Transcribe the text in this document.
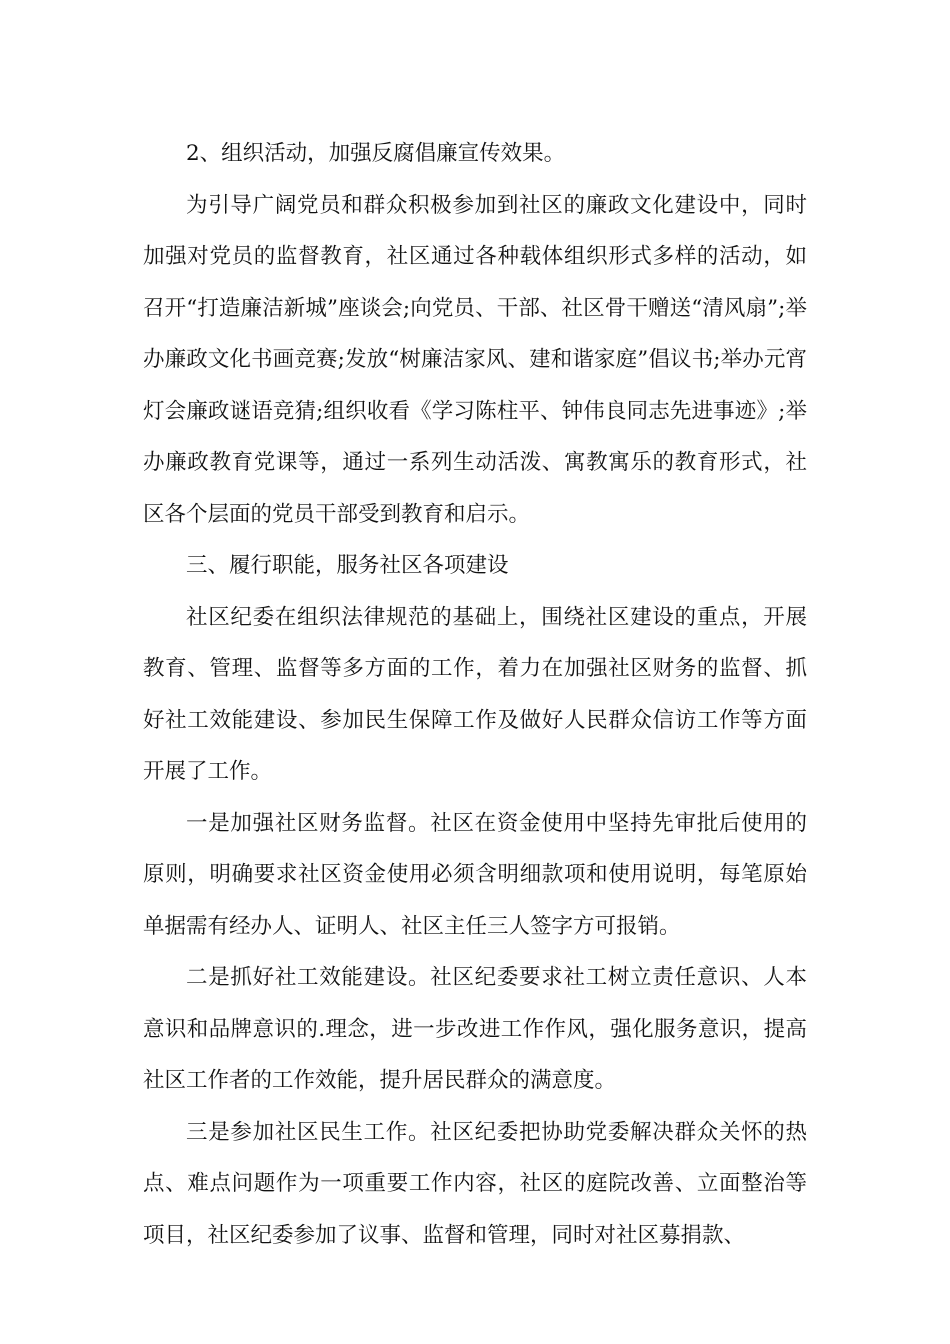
2、组织活动，加强反腐倡廉宣传效果。

为引导广阔党员和群众积极参加到社区的廉政文化建设中，同时加强对党员的监督教育，社区通过各种载体组织形式多样的活动，如召开“打造廉洁新城”座谈会;向党员、干部、社区骨干赠送“清风扇”;举办廉政文化书画竞赛;发放“树廉洁家风、建和谐家庭”倡议书;举办元宵灯会廉政谜语竞猜;组织收看《学习陈柱平、钟伟良同志先进事迹》;举办廉政教育党课等，通过一系列生动活泼、寓教寓乐的教育形式，社区各个层面的党员干部受到教育和启示。

三、履行职能，服务社区各项建设

社区纪委在组织法律规范的基础上，围绕社区建设的重点，开展教育、管理、监督等多方面的工作，着力在加强社区财务的监督、抓好社工效能建设、参加民生保障工作及做好人民群众信访工作等方面开展了工作。

一是加强社区财务监督。社区在资金使用中坚持先审批后使用的原则，明确要求社区资金使用必须含明细款项和使用说明，每笔原始单据需有经办人、证明人、社区主任三人签字方可报销。

二是抓好社工效能建设。社区纪委要求社工树立责任意识、人本意识和品牌意识的.理念，进一步改进工作作风，强化服务意识，提高社区工作者的工作效能，提升居民群众的满意度。

三是参加社区民生工作。社区纪委把协助党委解决群众关怀的热点、难点问题作为一项重要工作内容，社区的庭院改善、立面整治等项目，社区纪委参加了议事、监督和管理，同时对社区募捐款、
